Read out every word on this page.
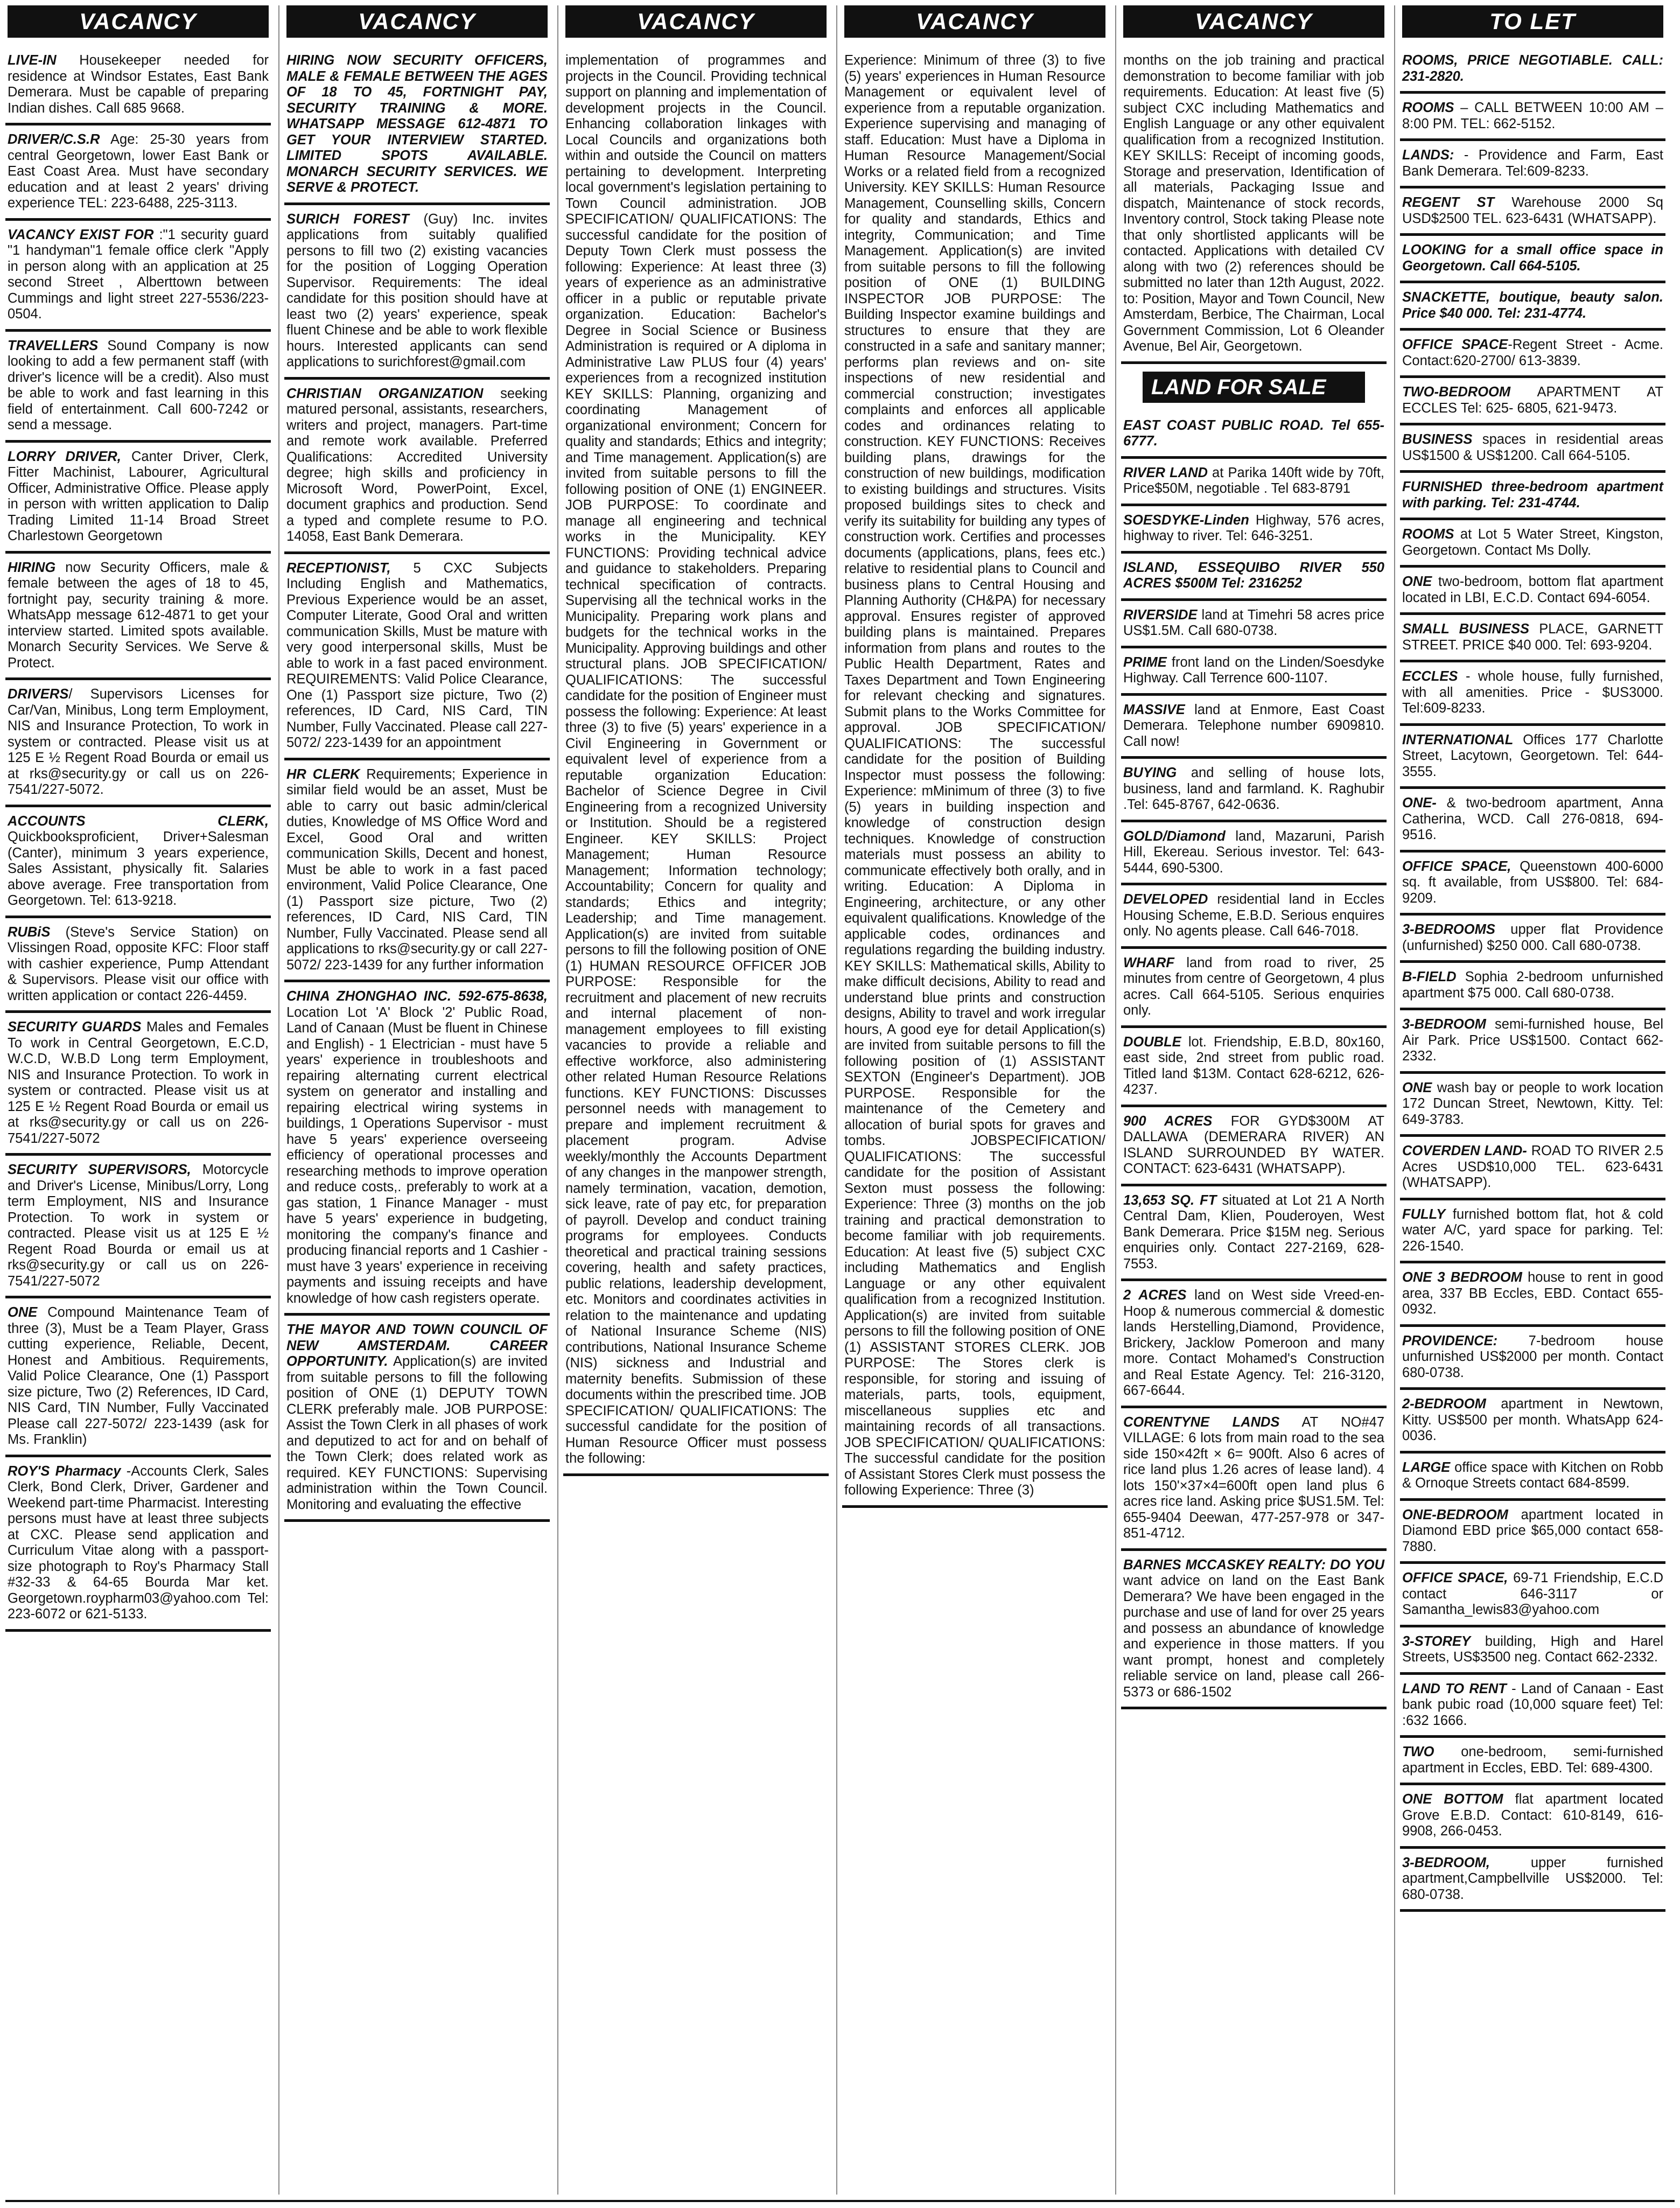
VACANCY

LIVE-IN Housekeeper needed for residence at Windsor Estates, East Bank Demerara. Must be capable of preparing Indian dishes. Call 685 9668.

DRIVER/C.S.R Age: 25-30 years from central Georgetown, lower East Bank or East Coast Area. Must have secondary education and at least 2 years' driving experience TEL: 223-6488, 225-3113.

VACANCY EXIST FOR :"1 security guard "1 handyman"1 female office clerk "Apply in person along with an application at 25 second Street , Alberttown between Cummings and light street 227-5536/223-0504.

TRAVELLERS Sound Company is now looking to add a few permanent staff (with driver's licence will be a credit). Also must be able to work and fast learning in this field of entertainment. Call 600-7242 or send a message.

LORRY DRIVER, Canter Driver, Clerk, Fitter Machinist, Labourer, Agricultural Officer, Administrative Office. Please apply in person with written application to Dalip Trading Limited 11-14 Broad Street Charlestown Georgetown

HIRING now Security Officers, male & female between the ages of 18 to 45, fortnight pay, security training & more. WhatsApp message 612-4871 to get your interview started. Limited spots available. Monarch Security Services. We Serve & Protect.

DRIVERS/ Supervisors Licenses for Car/Van, Minibus, Long term Employment, NIS and Insurance Protection, To work in system or contracted. Please visit us at 125 E ½ Regent Road Bourda or email us at rks@security.gy or call us on 226-7541/227-5072.

ACCOUNTS CLERK, Quickbooksproficient, Driver+Salesman (Canter), minimum 3 years experience, Sales Assistant, physically fit. Salaries above average. Free transportation from Georgetown. Tel: 613-9218.

RUBiS (Steve's Service Station) on Vlissingen Road, opposite KFC: Floor staff with cashier experience, Pump Attendant & Supervisors. Please visit our office with written application or contact 226-4459.

SECURITY GUARDS Males and Females To work in Central Georgetown, E.C.D, W.C.D, W.B.D Long term Employment, NIS and Insurance Protection. To work in system or contracted. Please visit us at 125 E ½ Regent Road Bourda or email us at rks@security.gy or call us on 226-7541/227-5072

SECURITY SUPERVISORS, Motorcycle and Driver's License, Minibus/Lorry, Long term Employment, NIS and Insurance Protection. To work in system or contracted. Please visit us at 125 E ½ Regent Road Bourda or email us at rks@security.gy or call us on 226-7541/227-5072

ONE Compound Maintenance Team of three (3), Must be a Team Player, Grass cutting experience, Reliable, Decent, Honest and Ambitious. Requirements, Valid Police Clearance, One (1) Passport size picture, Two (2) References, ID Card, NIS Card, TIN Number, Fully Vaccinated Please call 227-5072/ 223-1439 (ask for Ms. Franklin)

ROY'S Pharmacy -Accounts Clerk, Sales Clerk, Bond Clerk, Driver, Gardener and Weekend part-time Pharmacist. Interesting persons must have at least three subjects at CXC. Please send application and Curriculum Vitae along with a passport-size photograph to Roy's Pharmacy Stall #32-33 & 64-65 Bourda Mar ket. Georgetown.roypharm03@yahoo.com Tel: 223-6072 or 621-5133.

VACANCY

HIRING NOW SECURITY OFFICERS, MALE & FEMALE BETWEEN THE AGES OF 18 TO 45, FORTNIGHT PAY, SECURITY TRAINING & MORE. WHATSAPP MESSAGE 612-4871 TO GET YOUR INTERVIEW STARTED. LIMITED SPOTS AVAILABLE. MONARCH SECURITY SERVICES. WE SERVE & PROTECT.

SURICH FOREST (Guy) Inc. invites applications from suitably qualified persons to fill two (2) existing vacancies for the position of Logging Operation Supervisor. Requirements: The ideal candidate for this position should have at least two (2) years' experience, speak fluent Chinese and be able to work flexible hours. Interested applicants can send applications to surichforest@gmail.com

CHRISTIAN ORGANIZATION seeking matured personal, assistants, researchers, writers and project, managers. Part-time and remote work available. Preferred Qualifications: Accredited University degree; high skills and proficiency in Microsoft Word, PowerPoint, Excel, document graphics and production. Send a typed and complete resume to P.O. 14058, East Bank Demerara.

RECEPTIONIST, 5 CXC Subjects Including English and Mathematics, Previous Experience would be an asset, Computer Literate, Good Oral and written communication Skills, Must be mature with very good interpersonal skills, Must be able to work in a fast paced environment. REQUIREMENTS: Valid Police Clearance, One (1) Passport size picture, Two (2) references, ID Card, NIS Card, TIN Number, Fully Vaccinated. Please call 227-5072/ 223-1439 for an appointment

HR CLERK Requirements; Experience in similar field would be an asset, Must be able to carry out basic admin/clerical duties, Knowledge of MS Office Word and Excel, Good Oral and written communication Skills, Decent and honest, Must be able to work in a fast paced environment, Valid Police Clearance, One (1) Passport size picture, Two (2) references, ID Card, NIS Card, TIN Number, Fully Vaccinated. Please send all applications to rks@security.gy or call 227-5072/ 223-1439 for any further information

CHINA ZHONGHAO INC. 592-675-8638, Location Lot 'A' Block '2' Public Road, Land of Canaan (Must be fluent in Chinese and English) - 1 Electrician - must have 5 years' experience in troubleshoots and repairing alternating current electrical system on generator and installing and repairing electrical wiring systems in buildings, 1 Operations Supervisor - must have 5 years' experience overseeing efficiency of operational processes and researching methods to improve operation and reduce costs,. preferably to work at a gas station, 1 Finance Manager - must have 5 years' experience in budgeting, monitoring the company's finance and producing financial reports and 1 Cashier - must have 3 years' experience in receiving payments and issuing receipts and have knowledge of how cash registers operate.

THE MAYOR AND TOWN COUNCIL OF NEW AMSTERDAM. CAREER OPPORTUNITY. Application(s) are invited from suitable persons to fill the following position of ONE (1) DEPUTY TOWN CLERK preferably male. JOB PURPOSE: Assist the Town Clerk in all phases of work and deputized to act for and on behalf of the Town Clerk; does related work as required. KEY FUNCTIONS: Supervising administration within the Town Council. Monitoring and evaluating the effective

VACANCY

implementation of programmes and projects in the Council. Providing technical support on planning and implementation of development projects in the Council. Enhancing collaboration linkages with Local Councils and organizations both within and outside the Council on matters pertaining to development. Interpreting local government's legislation pertaining to Town Council administration. JOB SPECIFICATION/ QUALIFICATIONS: The successful candidate for the position of Deputy Town Clerk must possess the following: Experience: At least three (3) years of experience as an administrative officer in a public or reputable private organization. Education: Bachelor's Degree in Social Science or Business Administration is required or A diploma in Administrative Law PLUS four (4) years' experiences from a recognized institution KEY SKILLS: Planning, organizing and coordinating Management of organizational environment; Concern for quality and standards; Ethics and integrity; and Time management. Application(s) are invited from suitable persons to fill the following position of ONE (1) ENGINEER. JOB PURPOSE: To coordinate and manage all engineering and technical works in the Municipality. KEY FUNCTIONS: Providing technical advice and guidance to stakeholders. Preparing technical specification of contracts. Supervising all the technical works in the Municipality. Preparing work plans and budgets for the technical works in the Municipality. Approving buildings and other structural plans. JOB SPECIFICATION/ QUALIFICATIONS: The successful candidate for the position of Engineer must possess the following: Experience: At least three (3) to five (5) years' experience in a Civil Engineering in Government or equivalent level of experience from a reputable organization Education: Bachelor of Science Degree in Civil Engineering from a recognized University or Institution. Should be a registered Engineer. KEY SKILLS: Project Management; Human Resource Management; Information technology; Accountability; Concern for quality and standards; Ethics and integrity; Leadership; and Time management. Application(s) are invited from suitable persons to fill the following position of ONE (1) HUMAN RESOURCE OFFICER JOB PURPOSE: Responsible for the recruitment and placement of new recruits and internal placement of non-management employees to fill existing vacancies to provide a reliable and effective workforce, also administering other related Human Resource Relations functions. KEY FUNCTIONS: Discusses personnel needs with management to prepare and implement recruitment & placement program. Advise weekly/monthly the Accounts Department of any changes in the manpower strength, namely termination, vacation, demotion, sick leave, rate of pay etc, for preparation of payroll. Develop and conduct training programs for employees. Conducts theoretical and practical training sessions covering, health and safety practices, public relations, leadership development, etc. Monitors and coordinates activities in relation to the maintenance and updating of National Insurance Scheme (NIS) contributions, National Insurance Scheme (NIS) sickness and Industrial and maternity benefits. Submission of these documents within the prescribed time. JOB SPECIFICATION/ QUALIFICATIONS: The successful candidate for the position of Human Resource Officer must possess the following:

VACANCY

Experience: Minimum of three (3) to five (5) years' experiences in Human Resource Management or equivalent level of experience from a reputable organization. Experience supervising and managing of staff. Education: Must have a Diploma in Human Resource Management/Social Works or a related field from a recognized University. KEY SKILLS: Human Resource Management, Counselling skills, Concern for quality and standards, Ethics and integrity, Communication; and Time Management. Application(s) are invited from suitable persons to fill the following position of ONE (1) BUILDING INSPECTOR JOB PURPOSE: The Building Inspector examine buildings and structures to ensure that they are constructed in a safe and sanitary manner; performs plan reviews and on- site inspections of new residential and commercial construction; investigates complaints and enforces all applicable codes and ordinances relating to construction. KEY FUNCTIONS: Receives building plans, drawings for the construction of new buildings, modification to existing buildings and structures. Visits proposed buildings sites to check and verify its suitability for building any types of construction work. Certifies and processes documents (applications, plans, fees etc.) relative to residential plans to Council and business plans to Central Housing and Planning Authority (CH&PA) for necessary approval. Ensures register of approved building plans is maintained. Prepares information from plans and routes to the Public Health Department, Rates and Taxes Department and Town Engineering for relevant checking and signatures. Submit plans to the Works Committee for approval. JOB SPECIFICATION/ QUALIFICATIONS: The successful candidate for the position of Building Inspector must possess the following: Experience: mMinimum of three (3) to five (5) years in building inspection and knowledge of construction design techniques. Knowledge of construction materials must possess an ability to communicate effectively both orally, and in writing. Education: A Diploma in Engineering, architecture, or any other equivalent qualifications. Knowledge of the applicable codes, ordinances and regulations regarding the building industry. KEY SKILLS: Mathematical skills, Ability to make difficult decisions, Ability to read and understand blue prints and construction designs, Ability to travel and work irregular hours, A good eye for detail Application(s) are invited from suitable persons to fill the following position of (1) ASSISTANT SEXTON (Engineer's Department). JOB PURPOSE. Responsible for the maintenance of the Cemetery and allocation of burial spots for graves and tombs. JOBSPECIFICATION/ QUALIFICATIONS: The successful candidate for the position of Assistant Sexton must possess the following: Experience: Three (3) months on the job training and practical demonstration to become familiar with job requirements. Education: At least five (5) subject CXC including Mathematics and English Language or any other equivalent qualification from a recognized Institution. Application(s) are invited from suitable persons to fill the following position of ONE (1) ASSISTANT STORES CLERK. JOB PURPOSE: The Stores clerk is responsible, for storing and issuing of materials, parts, tools, equipment, miscellaneous supplies etc and maintaining records of all transactions. JOB SPECIFICATION/ QUALIFICATIONS: The successful candidate for the position of Assistant Stores Clerk must possess the following Experience: Three (3)

VACANCY

months on the job training and practical demonstration to become familiar with job requirements. Education: At least five (5) subject CXC including Mathematics and English Language or any other equivalent qualification from a recognized Institution. KEY SKILLS: Receipt of incoming goods, Storage and preservation, Identification of all materials, Packaging Issue and dispatch, Maintenance of stock records, Inventory control, Stock taking Please note that only shortlisted applicants will be contacted. Applications with detailed CV along with two (2) references should be submitted no later than 12th August, 2022. to: Position, Mayor and Town Council, New Amsterdam, Berbice, The Chairman, Local Government Commission, Lot 6 Oleander Avenue, Bel Air, Georgetown.

LAND FOR SALE

EAST COAST PUBLIC ROAD. Tel 655-6777.

RIVER LAND at Parika 140ft wide by 70ft, Price$50M, negotiable . Tel 683-8791

SOESDYKE-Linden Highway, 576 acres, highway to river. Tel: 646-3251.

ISLAND, ESSEQUIBO RIVER 550 ACRES $500M Tel: 2316252

RIVERSIDE land at Timehri 58 acres price US$1.5M. Call 680-0738.

PRIME front land on the Linden/Soesdyke Highway. Call Terrence 600-1107.

MASSIVE land at Enmore, East Coast Demerara. Telephone number 6909810. Call now!

BUYING and selling of house lots, business, land and farmland. K. Raghubir .Tel: 645-8767, 642-0636.

GOLD/Diamond land, Mazaruni, Parish Hill, Ekereau. Serious investor. Tel: 643-5444, 690-5300.

DEVELOPED residential land in Eccles Housing Scheme, E.B.D. Serious enquires only. No agents please. Call 646-7018.

WHARF land from road to river, 25 minutes from centre of Georgetown, 4 plus acres. Call 664-5105. Serious enquiries only.

DOUBLE lot. Friendship, E.B.D, 80x160, east side, 2nd street from public road. Titled land $13M. Contact 628-6212, 626-4237.

900 ACRES FOR GYD$300M AT DALLAWA (DEMERARA RIVER) AN ISLAND SURROUNDED BY WATER. CONTACT: 623-6431 (WHATSAPP).

13,653 SQ. FT situated at Lot 21 A North Central Dam, Klien, Pouderoyen, West Bank Demerara. Price $15M neg. Serious enquiries only. Contact 227-2169, 628-7553.

2 ACRES land on West side Vreed-en-Hoop & numerous commercial & domestic lands Herstelling,Diamond, Providence, Brickery, Jacklow Pomeroon and many more. Contact Mohamed's Construction and Real Estate Agency. Tel: 216-3120, 667-6644.

CORENTYNE LANDS AT NO#47 VILLAGE: 6 lots from main road to the sea side 150×42ft × 6= 900ft. Also 6 acres of rice land plus 1.26 acres of lease land). 4 lots 150'×37×4=600ft open land plus 6 acres rice land. Asking price $US1.5M. Tel: 655-9404 Deewan, 477-257-978 or 347-851-4712.

BARNES MCCASKEY REALTY: DO YOU want advice on land on the East Bank Demerara? We have been engaged in the purchase and use of land for over 25 years and possess an abundance of knowledge and experience in those matters. If you want prompt, honest and completely reliable service on land, please call 266-5373 or 686-1502

TO LET

ROOMS, PRICE NEGOTIABLE. CALL: 231-2820.

ROOMS – CALL BETWEEN 10:00 AM – 8:00 PM. TEL: 662-5152.

LANDS: - Providence and Farm, East Bank Demerara. Tel:609-8233.

REGENT ST Warehouse 2000 Sq USD$2500 TEL. 623-6431 (WHATSAPP).

LOOKING for a small office space in Georgetown. Call 664-5105.

SNACKETTE, boutique, beauty salon. Price $40 000. Tel: 231-4774.

OFFICE SPACE-Regent Street - Acme. Contact:620-2700/ 613-3839.

TWO-BEDROOM APARTMENT AT ECCLES Tel: 625- 6805, 621-9473.

BUSINESS spaces in residential areas US$1500 & US$1200. Call 664-5105.

FURNISHED three-bedroom apartment with parking. Tel: 231-4744.

ROOMS at Lot 5 Water Street, Kingston, Georgetown. Contact Ms Dolly.

ONE two-bedroom, bottom flat apartment located in LBI, E.C.D. Contact 694-6054.

SMALL BUSINESS PLACE, GARNETT STREET. PRICE $40 000. Tel: 693-9204.

ECCLES - whole house, fully furnished, with all amenities. Price - $US3000. Tel:609-8233.

INTERNATIONAL Offices 177 Charlotte Street, Lacytown, Georgetown. Tel: 644-3555.

ONE- & two-bedroom apartment, Anna Catherina, WCD. Call 276-0818, 694-9516.

OFFICE SPACE, Queenstown 400-6000 sq. ft available, from US$800. Tel: 684-9209.

3-BEDROOMS upper flat Providence (unfurnished) $250 000. Call 680-0738.

B-FIELD Sophia 2-bedroom unfurnished apartment $75 000. Call 680-0738.

3-BEDROOM semi-furnished house, Bel Air Park. Price US$1500. Contact 662-2332.

ONE wash bay or people to work location 172 Duncan Street, Newtown, Kitty. Tel: 649-3783.

COVERDEN LAND- ROAD TO RIVER 2.5 Acres USD$10,000 TEL. 623-6431 (WHATSAPP).

FULLY furnished bottom flat, hot & cold water A/C, yard space for parking. Tel: 226-1540.

ONE 3 BEDROOM house to rent in good area, 337 BB Eccles, EBD. Contact 655-0932.

PROVIDENCE: 7-bedroom house unfurnished US$2000 per month. Contact 680-0738.

2-BEDROOM apartment in Newtown, Kitty. US$500 per month. WhatsApp 624-0036.

LARGE office space with Kitchen on Robb & Ornoque Streets contact 684-8599.

ONE-BEDROOM apartment located in Diamond EBD price $65,000 contact 658-7880.

OFFICE SPACE, 69-71 Friendship, E.C.D contact 646-3117 or Samantha_lewis83@yahoo.com

3-STOREY building, High and Harel Streets, US$3500 neg. Contact 662-2332.

LAND TO RENT - Land of Canaan - East bank pubic road (10,000 square feet) Tel: :632 1666.

TWO one-bedroom, semi-furnished apartment in Eccles, EBD. Tel: 689-4300.

ONE BOTTOM flat apartment located Grove E.B.D. Contact: 610-8149, 616-9908, 266-0453.

3-BEDROOM, upper furnished apartment,Campbellville US$2000. Tel: 680-0738.
